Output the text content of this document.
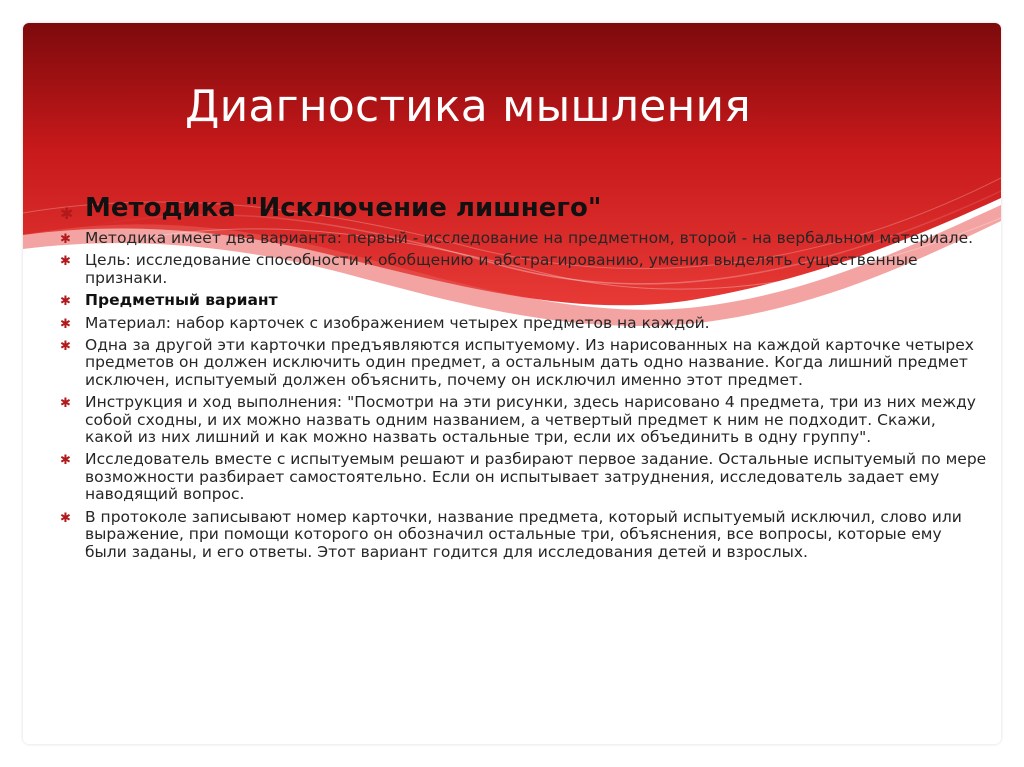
Диагностика мышления
✱ Методика "Исключение лишнего"
✱ Методика имеет два варианта: первый - исследование на предметном, второй - на вербальном материале.
✱ Цель: исследование способности к обобщению и абстрагированию, умения выделять существенные признаки.
✱ Предметный вариант
✱ Материал: набор карточек с изображением четырех предметов на каждой.
✱ Одна за другой эти карточки предъявляются испытуемому. Из нарисованных на каждой карточке четырех предметов он должен исключить один предмет, а остальным дать одно название. Когда лишний предмет исключен, испытуемый должен объяснить, почему он исключил именно этот предмет.
✱ Инструкция и ход выполнения: "Посмотри на эти рисунки, здесь нарисовано 4 предмета, три из них между собой сходны, и их можно назвать одним названием, а четвертый предмет к ним не подходит. Скажи, какой из них лишний и как можно назвать остальные три, если их объединить в одну группу".
✱ Исследователь вместе с испытуемым решают и разбирают первое задание. Остальные испытуемый по мере возможности разбирает самостоятельно. Если он испытывает затруднения, исследователь задает ему наводящий вопрос.
✱ В протоколе записывают номер карточки, название предмета, который испытуемый исключил, слово или выражение, при помощи которого он обозначил остальные три, объяснения, все вопросы, которые ему были заданы, и его ответы. Этот вариант годится для исследования детей и взрослых.
